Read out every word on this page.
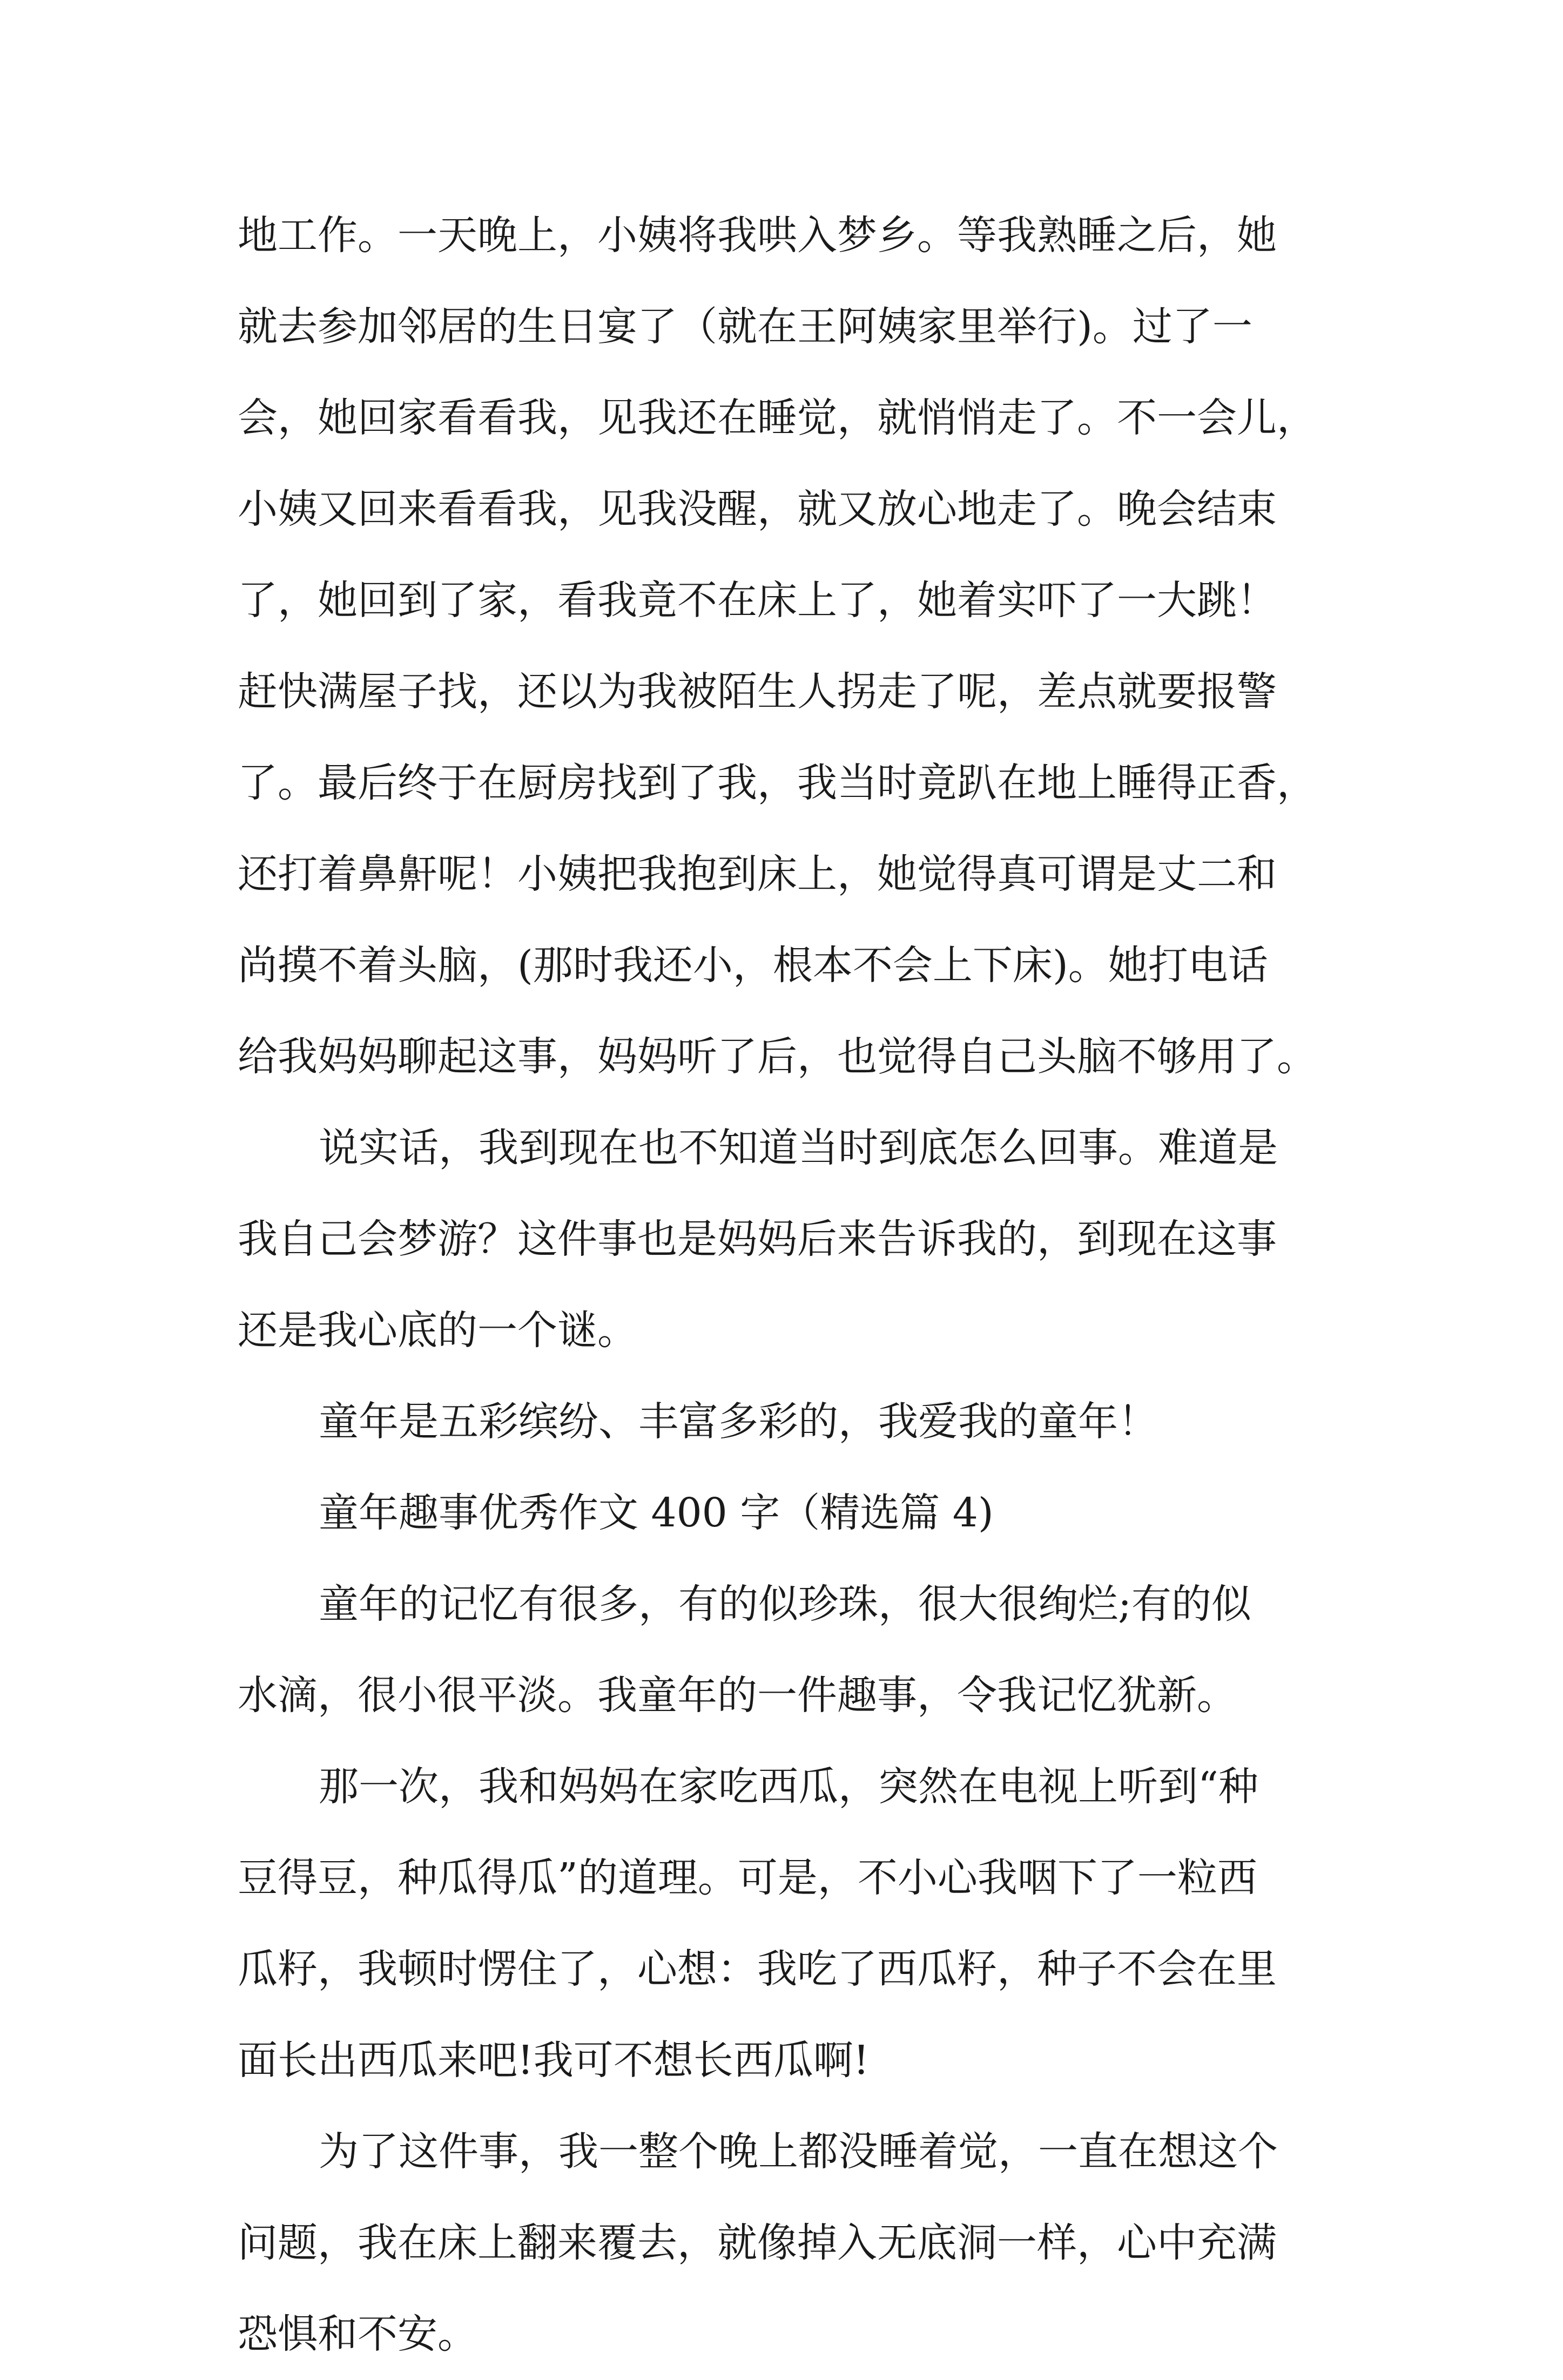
地工作。一天晚上，小姨将我哄入梦乡。等我熟睡之后，她
就去参加邻居的生日宴了（就在王阿姨家里举行)。过了一
会，她回家看看我，见我还在睡觉，就悄悄走了。不一会儿，
小姨又回来看看我，见我没醒，就又放心地走了。晚会结束
了，她回到了家，看我竟不在床上了，她着实吓了一大跳！
赶快满屋子找，还以为我被陌生人拐走了呢，差点就要报警
了。最后终于在厨房找到了我，我当时竟趴在地上睡得正香，
还打着鼻鼾呢！小姨把我抱到床上，她觉得真可谓是丈二和
尚摸不着头脑，(那时我还小，根本不会上下床)。她打电话
给我妈妈聊起这事，妈妈听了后，也觉得自己头脑不够用了。
说实话，我到现在也不知道当时到底怎么回事。难道是
我自己会梦游？这件事也是妈妈后来告诉我的，到现在这事
还是我心底的一个谜。
童年是五彩缤纷、丰富多彩的，我爱我的童年！
童年趣事优秀作文 400 字（精选篇 4)
童年的记忆有很多，有的似珍珠，很大很绚烂;有的似
水滴，很小很平淡。我童年的一件趣事，令我记忆犹新。
那一次，我和妈妈在家吃西瓜，突然在电视上听到“种
豆得豆，种瓜得瓜”的道理。可是，不小心我咽下了一粒西
瓜籽，我顿时愣住了，心想：我吃了西瓜籽，种子不会在里
面长出西瓜来吧!我可不想长西瓜啊!
为了这件事，我一整个晚上都没睡着觉，一直在想这个
问题，我在床上翻来覆去，就像掉入无底洞一样，心中充满
恐惧和不安。
